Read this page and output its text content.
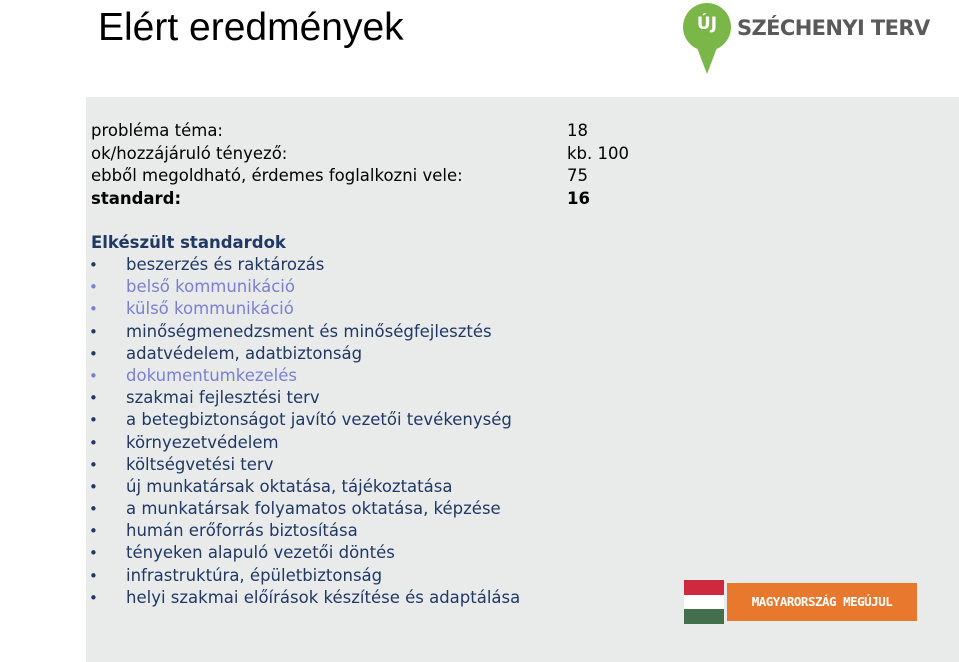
Elért eredmények	ÚJ SZÉCHENYI TERV
probléma téma:	18
ok/hozzájáruló tényező:	kb. 100
ebből megoldható, érdemes foglalkozni vele:	75
standard:	16
Elkészült standardok
• beszerzés és raktározás
• belső kommunikáció
• külső kommunikáció
• minőségmenedzsment és minőségfejlesztés
• adatvédelem, adatbiztonság
• dokumentumkezelés
• szakmai fejlesztési terv
• a betegbiztonságot javító vezetői tevékenység
• környezetvédelem
• költségvetési terv
• új munkatársak oktatása, tájékoztatása
• a munkatársak folyamatos oktatása, képzése
• humán erőforrás biztosítása
• tényeken alapuló vezetői döntés
• infrastruktúra, épületbiztonság
• helyi szakmai előírások készítése és adaptálása	MAGYARORSZÁG MEGÚJUL
